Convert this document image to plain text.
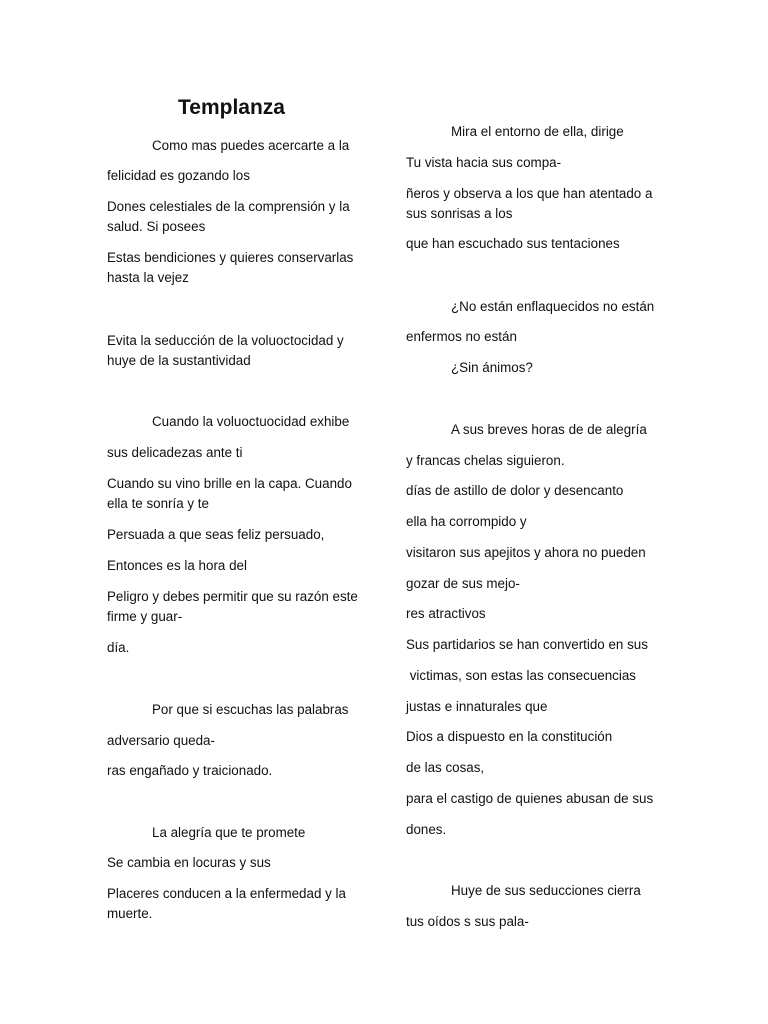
Templanza

Como mas puedes acercarte a la

felicidad es gozando los

Dones celestiales de la comprensión y la salud. Si posees

Estas bendiciones y quieres conservarlas hasta la vejez

Evita la seducción de la voluoctocidad y huye de la sustantividad

Cuando la voluoctuocidad exhibe

sus delicadezas ante ti

Cuando su vino brille en la capa. Cuando ella te sonría y te

Persuada a que seas feliz persuado,

Entonces es la hora del

Peligro y debes permitir que su razón este firme y guar-

día.

Por que si escuchas las palabras

adversario queda-

ras engañado y traicionado.

La alegría que te promete

Se cambia en locuras y sus

Placeres conducen a la enfermedad y la muerte.

Mira el entorno de ella, dirige

Tu vista hacia sus compa-

ñeros y observa a los que han atentado a sus sonrisas a los

que han escuchado sus tentaciones

¿No están enflaquecidos no están

enfermos no están

¿Sin ánimos?

A sus breves horas de de alegría

y francas chelas siguieron.

días de astillo de dolor y desencanto

ella ha corrompido y

visitaron sus apejitos y ahora no pueden

gozar de sus mejo-

res atractivos

Sus partidarios se han convertido en sus

victimas, son estas las consecuencias

justas e innaturales que

Dios a dispuesto en la constitución

de las cosas,

para el castigo de quienes abusan de sus

dones.

Huye de sus seducciones cierra

tus oídos s sus pala-
